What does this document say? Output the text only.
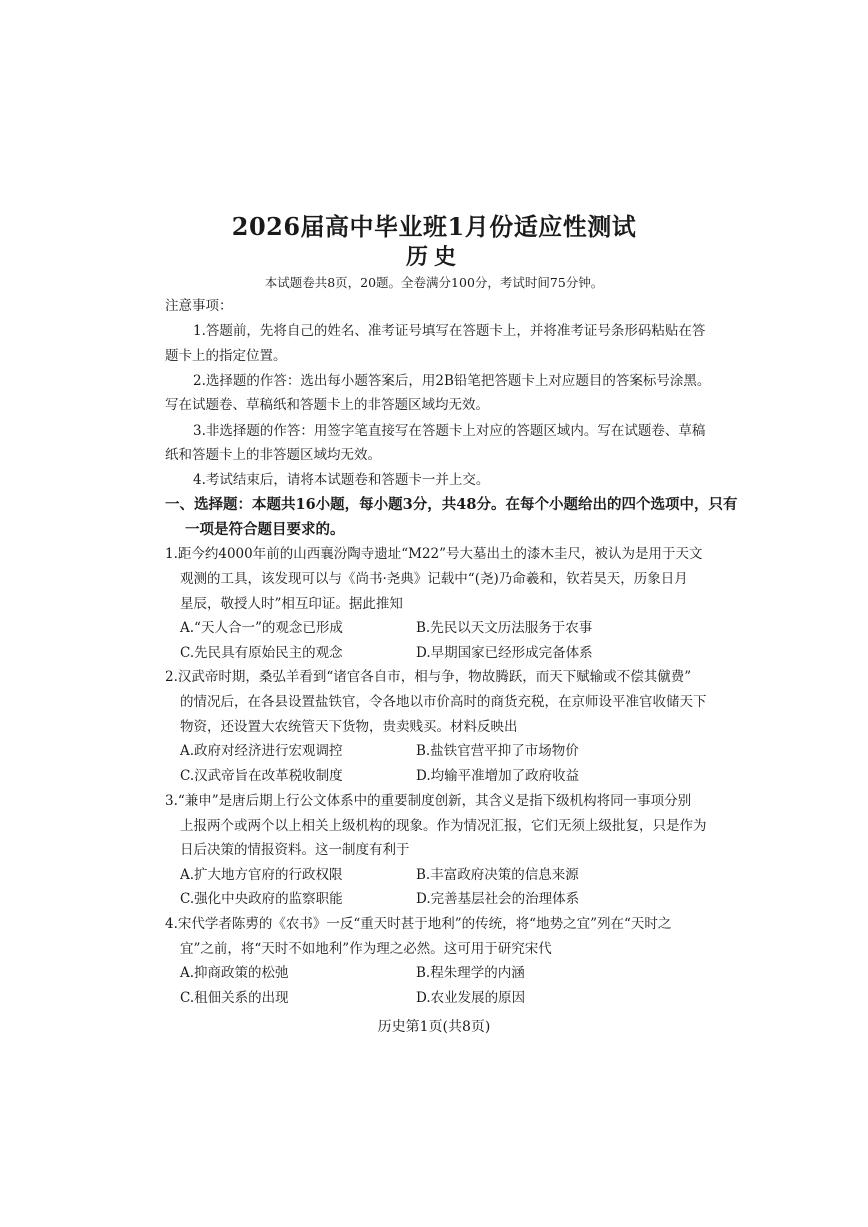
2026届高中毕业班1月份适应性测试
历史
本试题卷共8页，20题。全卷满分100分，考试时间75分钟。
注意事项：
1.答题前，先将自己的姓名、准考证号填写在答题卡上，并将准考证号条形码粘贴在答
题卡上的指定位置。
2.选择题的作答：选出每小题答案后，用2B铅笔把答题卡上对应题目的答案标号涂黑。
写在试题卷、草稿纸和答题卡上的非答题区域均无效。
3.非选择题的作答：用签字笔直接写在答题卡上对应的答题区域内。写在试题卷、草稿
纸和答题卡上的非答题区域均无效。
4.考试结束后，请将本试题卷和答题卡一并上交。
一、选择题：本题共16小题，每小题3分，共48分。在每个小题给出的四个选项中，只有
一项是符合题目要求的。
1.距今约4000年前的山西襄汾陶寺遗址“M22”号大墓出土的漆木圭尺，被认为是用于天文
观测的工具，该发现可以与《尚书·尧典》记载中“(尧)乃命羲和，钦若昊天，历象日月
星辰，敬授人时”相互印证。据此推知
A.“天人合一”的观念已形成	B.先民以天文历法服务于农事
C.先民具有原始民主的观念	D.早期国家已经形成完备体系
2.汉武帝时期，桑弘羊看到“诸官各自市，相与争，物故腾跃，而天下赋输或不偿其僦费”
的情况后，在各县设置盐铁官，令各地以市价高时的商货充税，在京师设平准官收储天下
物资，还设置大农统管天下货物，贵卖贱买。材料反映出
A.政府对经济进行宏观调控	B.盐铁官营平抑了市场物价
C.汉武帝旨在改革税收制度	D.均输平准增加了政府收益
3.“兼申”是唐后期上行公文体系中的重要制度创新，其含义是指下级机构将同一事项分别
上报两个或两个以上相关上级机构的现象。作为情况汇报，它们无须上级批复，只是作为
日后决策的情报资料。这一制度有利于
A.扩大地方官府的行政权限	B.丰富政府决策的信息来源
C.强化中央政府的监察职能	D.完善基层社会的治理体系
4.宋代学者陈旉的《农书》一反“重天时甚于地利”的传统，将“地势之宜”列在“天时之
宜”之前，将“天时不如地利”作为理之必然。这可用于研究宋代
A.抑商政策的松弛	B.程朱理学的内涵
C.租佃关系的出现	D.农业发展的原因
历史第1页(共8页)
